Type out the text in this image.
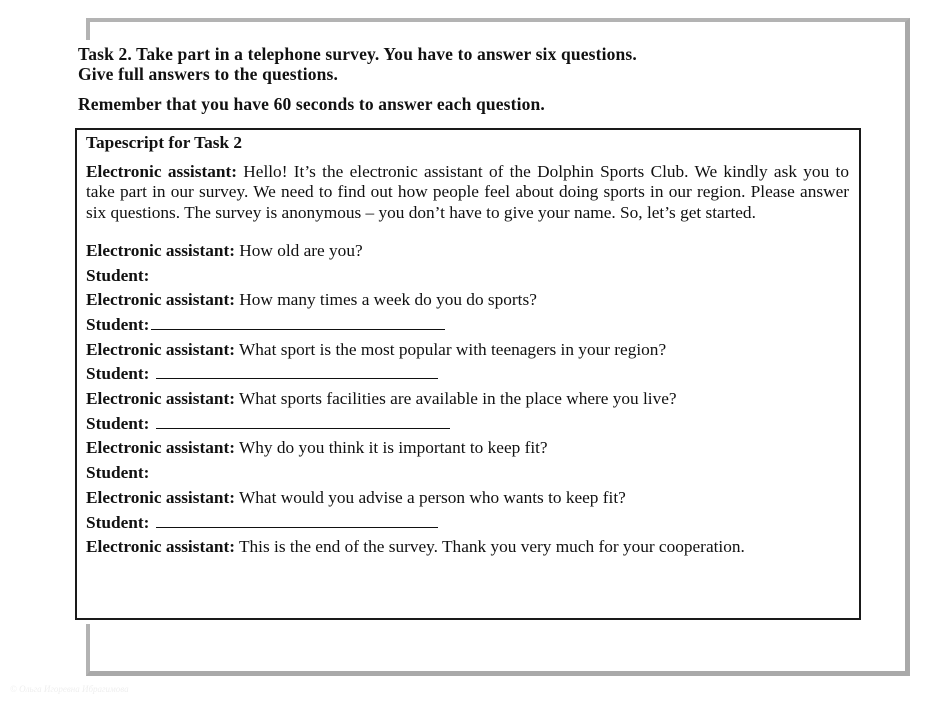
Task 2. Take part in a telephone survey. You have to answer six questions.

Give full answers to the questions.

Remember that you have 60 seconds to answer each question.

Tapescript for Task 2

Electronic assistant: Hello! It’s the electronic assistant of the Dolphin Sports Club. We kindly ask you to take part in our survey. We need to find out how people feel about doing sports in our region. Please answer six questions. The survey is anonymous – you don’t have to give your name. So, let’s get started.

Electronic assistant: How old are you?

Student:

Electronic assistant: How many times a week do you do sports?

Student:

Electronic assistant: What sport is the most popular with teenagers in your region?

Student:

Electronic assistant: What sports facilities are available in the place where you live?

Student:

Electronic assistant: Why do you think it is important to keep fit?

Student:

Electronic assistant: What would you advise a person who wants to keep fit?

Student:

Electronic assistant: This is the end of the survey. Thank you very much for your cooperation.

© Ольга Игоревна Ибрагимова
